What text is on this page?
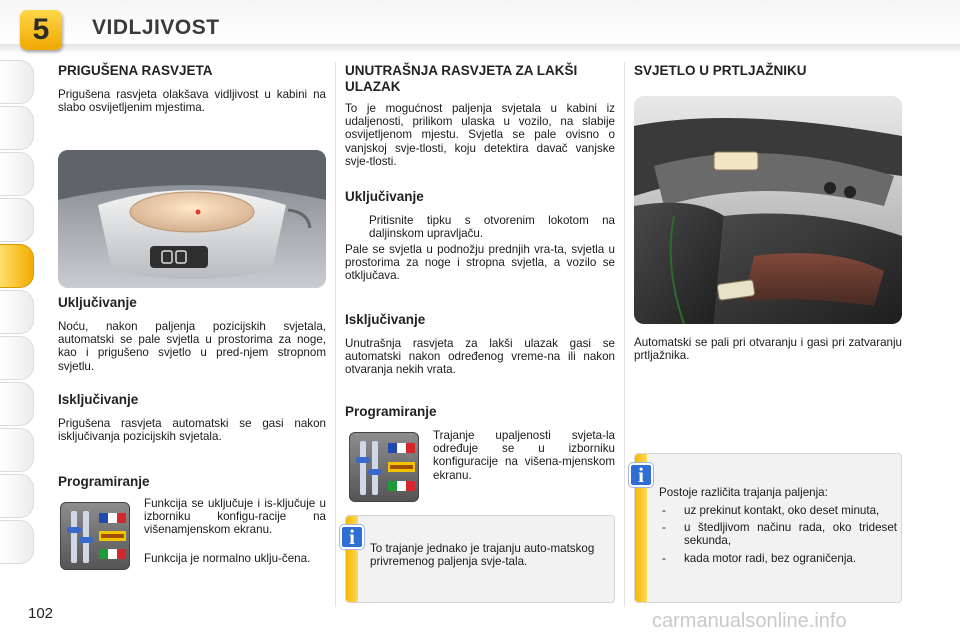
5	VIDLJIVOST
PRIGUŠENA RASVJETA

Prigušena rasvjeta olakšava vidljivost u kabini na slabo osvijetljenim mjestima.

Uključivanje

Noću, nakon paljenja pozicijskih svjetala, automatski se pale svjetla u prostorima za noge, kao i prigušeno svjetlo u pred-njem stropnom svjetlu.

Isključivanje

Prigušena rasvjeta automatski se gasi nakon isključivanja pozicijskih svjetala.

Programiranje

Funkcija se uključuje i is-ključuje u izborniku konfigu-racije na višenamjenskom ekranu.

Funkcija je normalno uklju-čena.

UNUTRAŠNJA RASVJETA ZA LAKŠI ULAZAK

To je mogućnost paljenja svjetala u kabini iz udaljenosti, prilikom ulaska u vozilo, na slabije osvijetljenom mjestu. Svjetla se pale ovisno o vanjskoj svje-tlosti, koju detektira davač vanjske svje-tlosti.

Uključivanje

Pritisnite tipku s otvorenim lokotom na daljinskom upravljaču.

Pale se svjetla u podnožju prednjih vra-ta, svjetla u prostorima za noge i stropna svjetla, a vozilo se otključava.

Isključivanje

Unutrašnja rasvjeta za lakši ulazak gasi se automatski nakon određenog vreme-na ili nakon otvaranja nekih vrata.

Programiranje

Trajanje upaljenosti svjeta-la određuje se u izborniku konfiguracije na višena-mjenskom ekranu.

To trajanje jednako je trajanju auto-matskog privremenog paljenja svje-tala.

i
SVJETLO U PRTLJAŽNIKU

Automatski se pali pri otvaranju i gasi pri zatvaranju prtljažnika.

Postoje različita trajanja paljenja:

- uz prekinut kontakt, oko deset minuta,
- u štedljivom načinu rada, oko trideset sekunda,
- kada motor radi, bez ograničenja.
i
102	carmanualsonline.info
